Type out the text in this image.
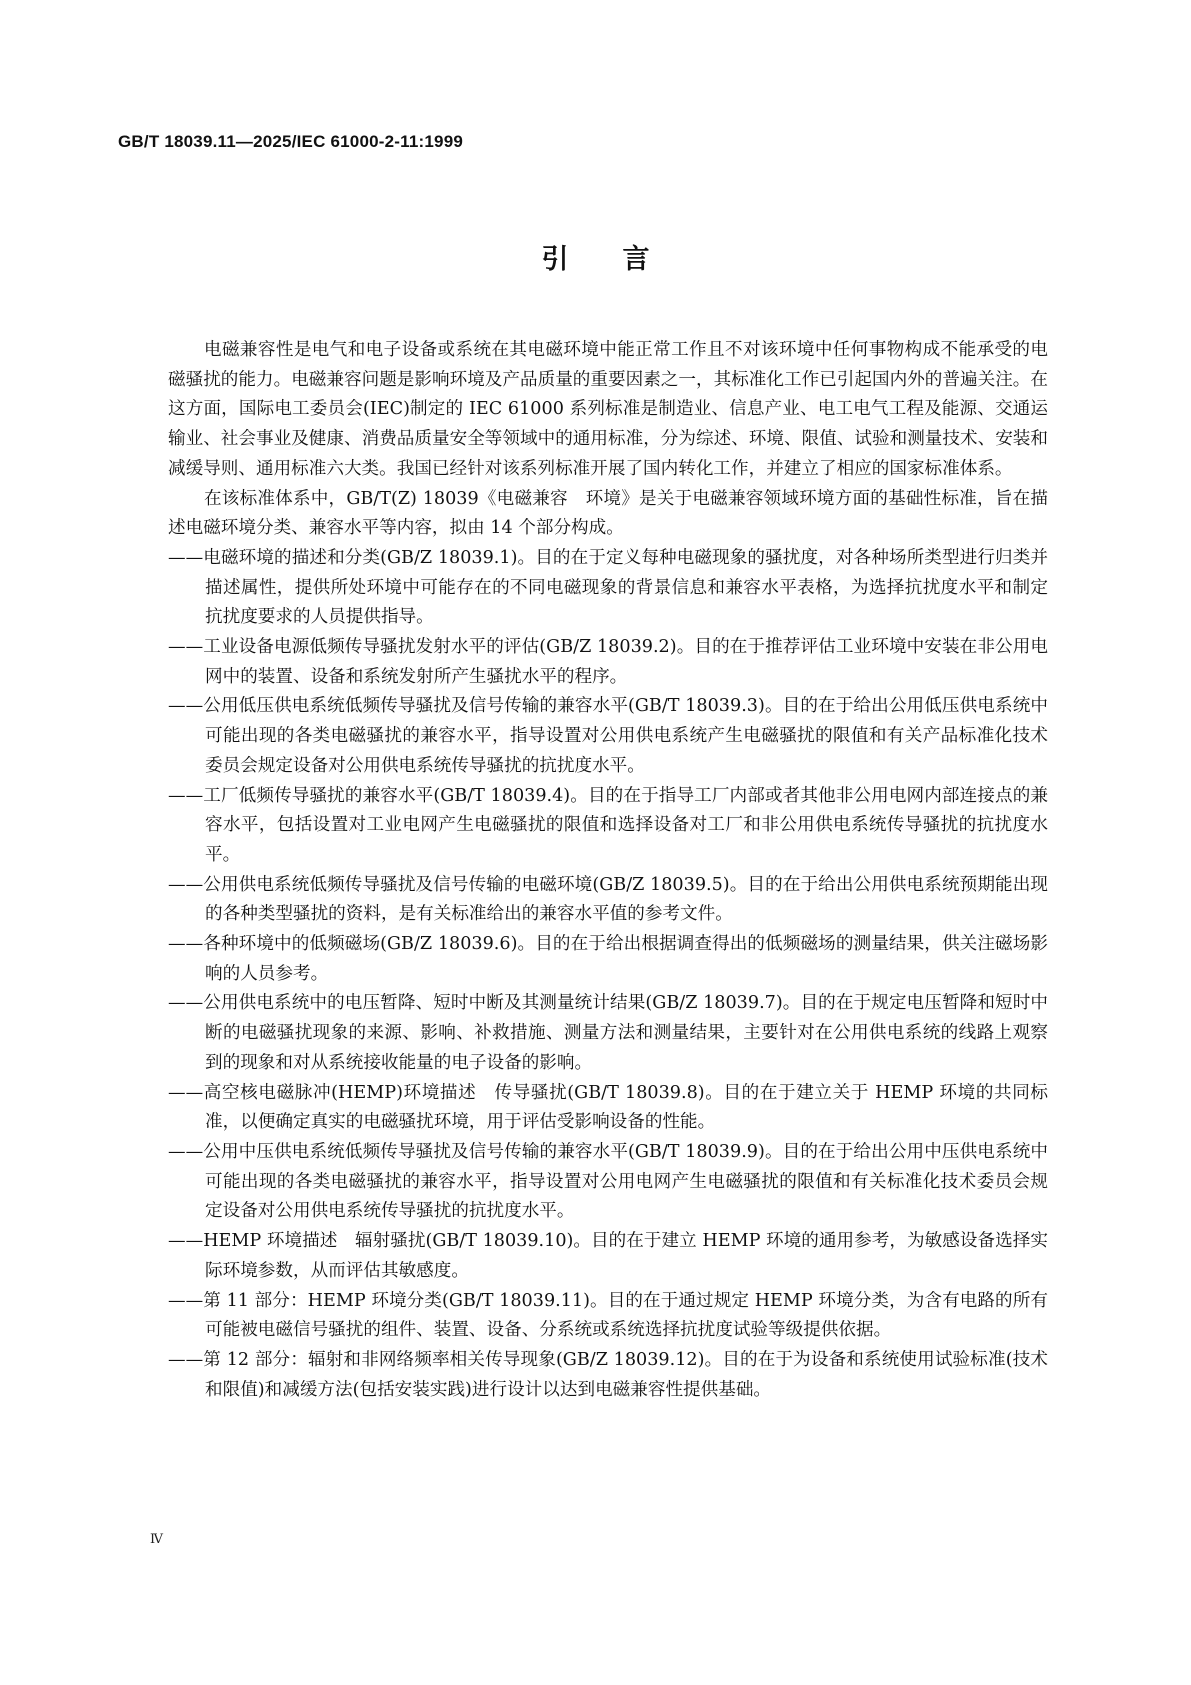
GB/T 18039.11—2025/IEC 61000-2-11:1999
引言

电磁兼容性是电气和电子设备或系统在其电磁环境中能正常工作且不对该环境中任何事物构成不能承受的电磁骚扰的能力。电磁兼容问题是影响环境及产品质量的重要因素之一，其标准化工作已引起国内外的普遍关注。在这方面，国际电工委员会(IEC)制定的 IEC 61000 系列标准是制造业、信息产业、电工电气工程及能源、交通运输业、社会事业及健康、消费品质量安全等领域中的通用标准，分为综述、环境、限值、试验和测量技术、安装和减缓导则、通用标准六大类。我国已经针对该系列标准开展了国内转化工作，并建立了相应的国家标准体系。

在该标准体系中，GB/T(Z) 18039《电磁兼容　环境》是关于电磁兼容领域环境方面的基础性标准，旨在描述电磁环境分类、兼容水平等内容，拟由 14 个部分构成。

——电磁环境的描述和分类(GB/Z 18039.1)。目的在于定义每种电磁现象的骚扰度，对各种场所类型进行归类并描述属性，提供所处环境中可能存在的不同电磁现象的背景信息和兼容水平表格，为选择抗扰度水平和制定抗扰度要求的人员提供指导。

——工业设备电源低频传导骚扰发射水平的评估(GB/Z 18039.2)。目的在于推荐评估工业环境中安装在非公用电网中的装置、设备和系统发射所产生骚扰水平的程序。

——公用低压供电系统低频传导骚扰及信号传输的兼容水平(GB/T 18039.3)。目的在于给出公用低压供电系统中可能出现的各类电磁骚扰的兼容水平，指导设置对公用供电系统产生电磁骚扰的限值和有关产品标准化技术委员会规定设备对公用供电系统传导骚扰的抗扰度水平。

——工厂低频传导骚扰的兼容水平(GB/T 18039.4)。目的在于指导工厂内部或者其他非公用电网内部连接点的兼容水平，包括设置对工业电网产生电磁骚扰的限值和选择设备对工厂和非公用供电系统传导骚扰的抗扰度水平。

——公用供电系统低频传导骚扰及信号传输的电磁环境(GB/Z 18039.5)。目的在于给出公用供电系统预期能出现的各种类型骚扰的资料，是有关标准给出的兼容水平值的参考文件。

——各种环境中的低频磁场(GB/Z 18039.6)。目的在于给出根据调查得出的低频磁场的测量结果，供关注磁场影响的人员参考。

——公用供电系统中的电压暂降、短时中断及其测量统计结果(GB/Z 18039.7)。目的在于规定电压暂降和短时中断的电磁骚扰现象的来源、影响、补救措施、测量方法和测量结果，主要针对在公用供电系统的线路上观察到的现象和对从系统接收能量的电子设备的影响。

——高空核电磁脉冲(HEMP)环境描述　传导骚扰(GB/T 18039.8)。目的在于建立关于 HEMP 环境的共同标准，以便确定真实的电磁骚扰环境，用于评估受影响设备的性能。

——公用中压供电系统低频传导骚扰及信号传输的兼容水平(GB/T 18039.9)。目的在于给出公用中压供电系统中可能出现的各类电磁骚扰的兼容水平，指导设置对公用电网产生电磁骚扰的限值和有关标准化技术委员会规定设备对公用供电系统传导骚扰的抗扰度水平。

——HEMP 环境描述　辐射骚扰(GB/T 18039.10)。目的在于建立 HEMP 环境的通用参考，为敏感设备选择实际环境参数，从而评估其敏感度。

——第 11 部分：HEMP 环境分类(GB/T 18039.11)。目的在于通过规定 HEMP 环境分类，为含有电路的所有可能被电磁信号骚扰的组件、装置、设备、分系统或系统选择抗扰度试验等级提供依据。

——第 12 部分：辐射和非网络频率相关传导现象(GB/Z 18039.12)。目的在于为设备和系统使用试验标准(技术和限值)和减缓方法(包括安装实践)进行设计以达到电磁兼容性提供基础。

Ⅳ
